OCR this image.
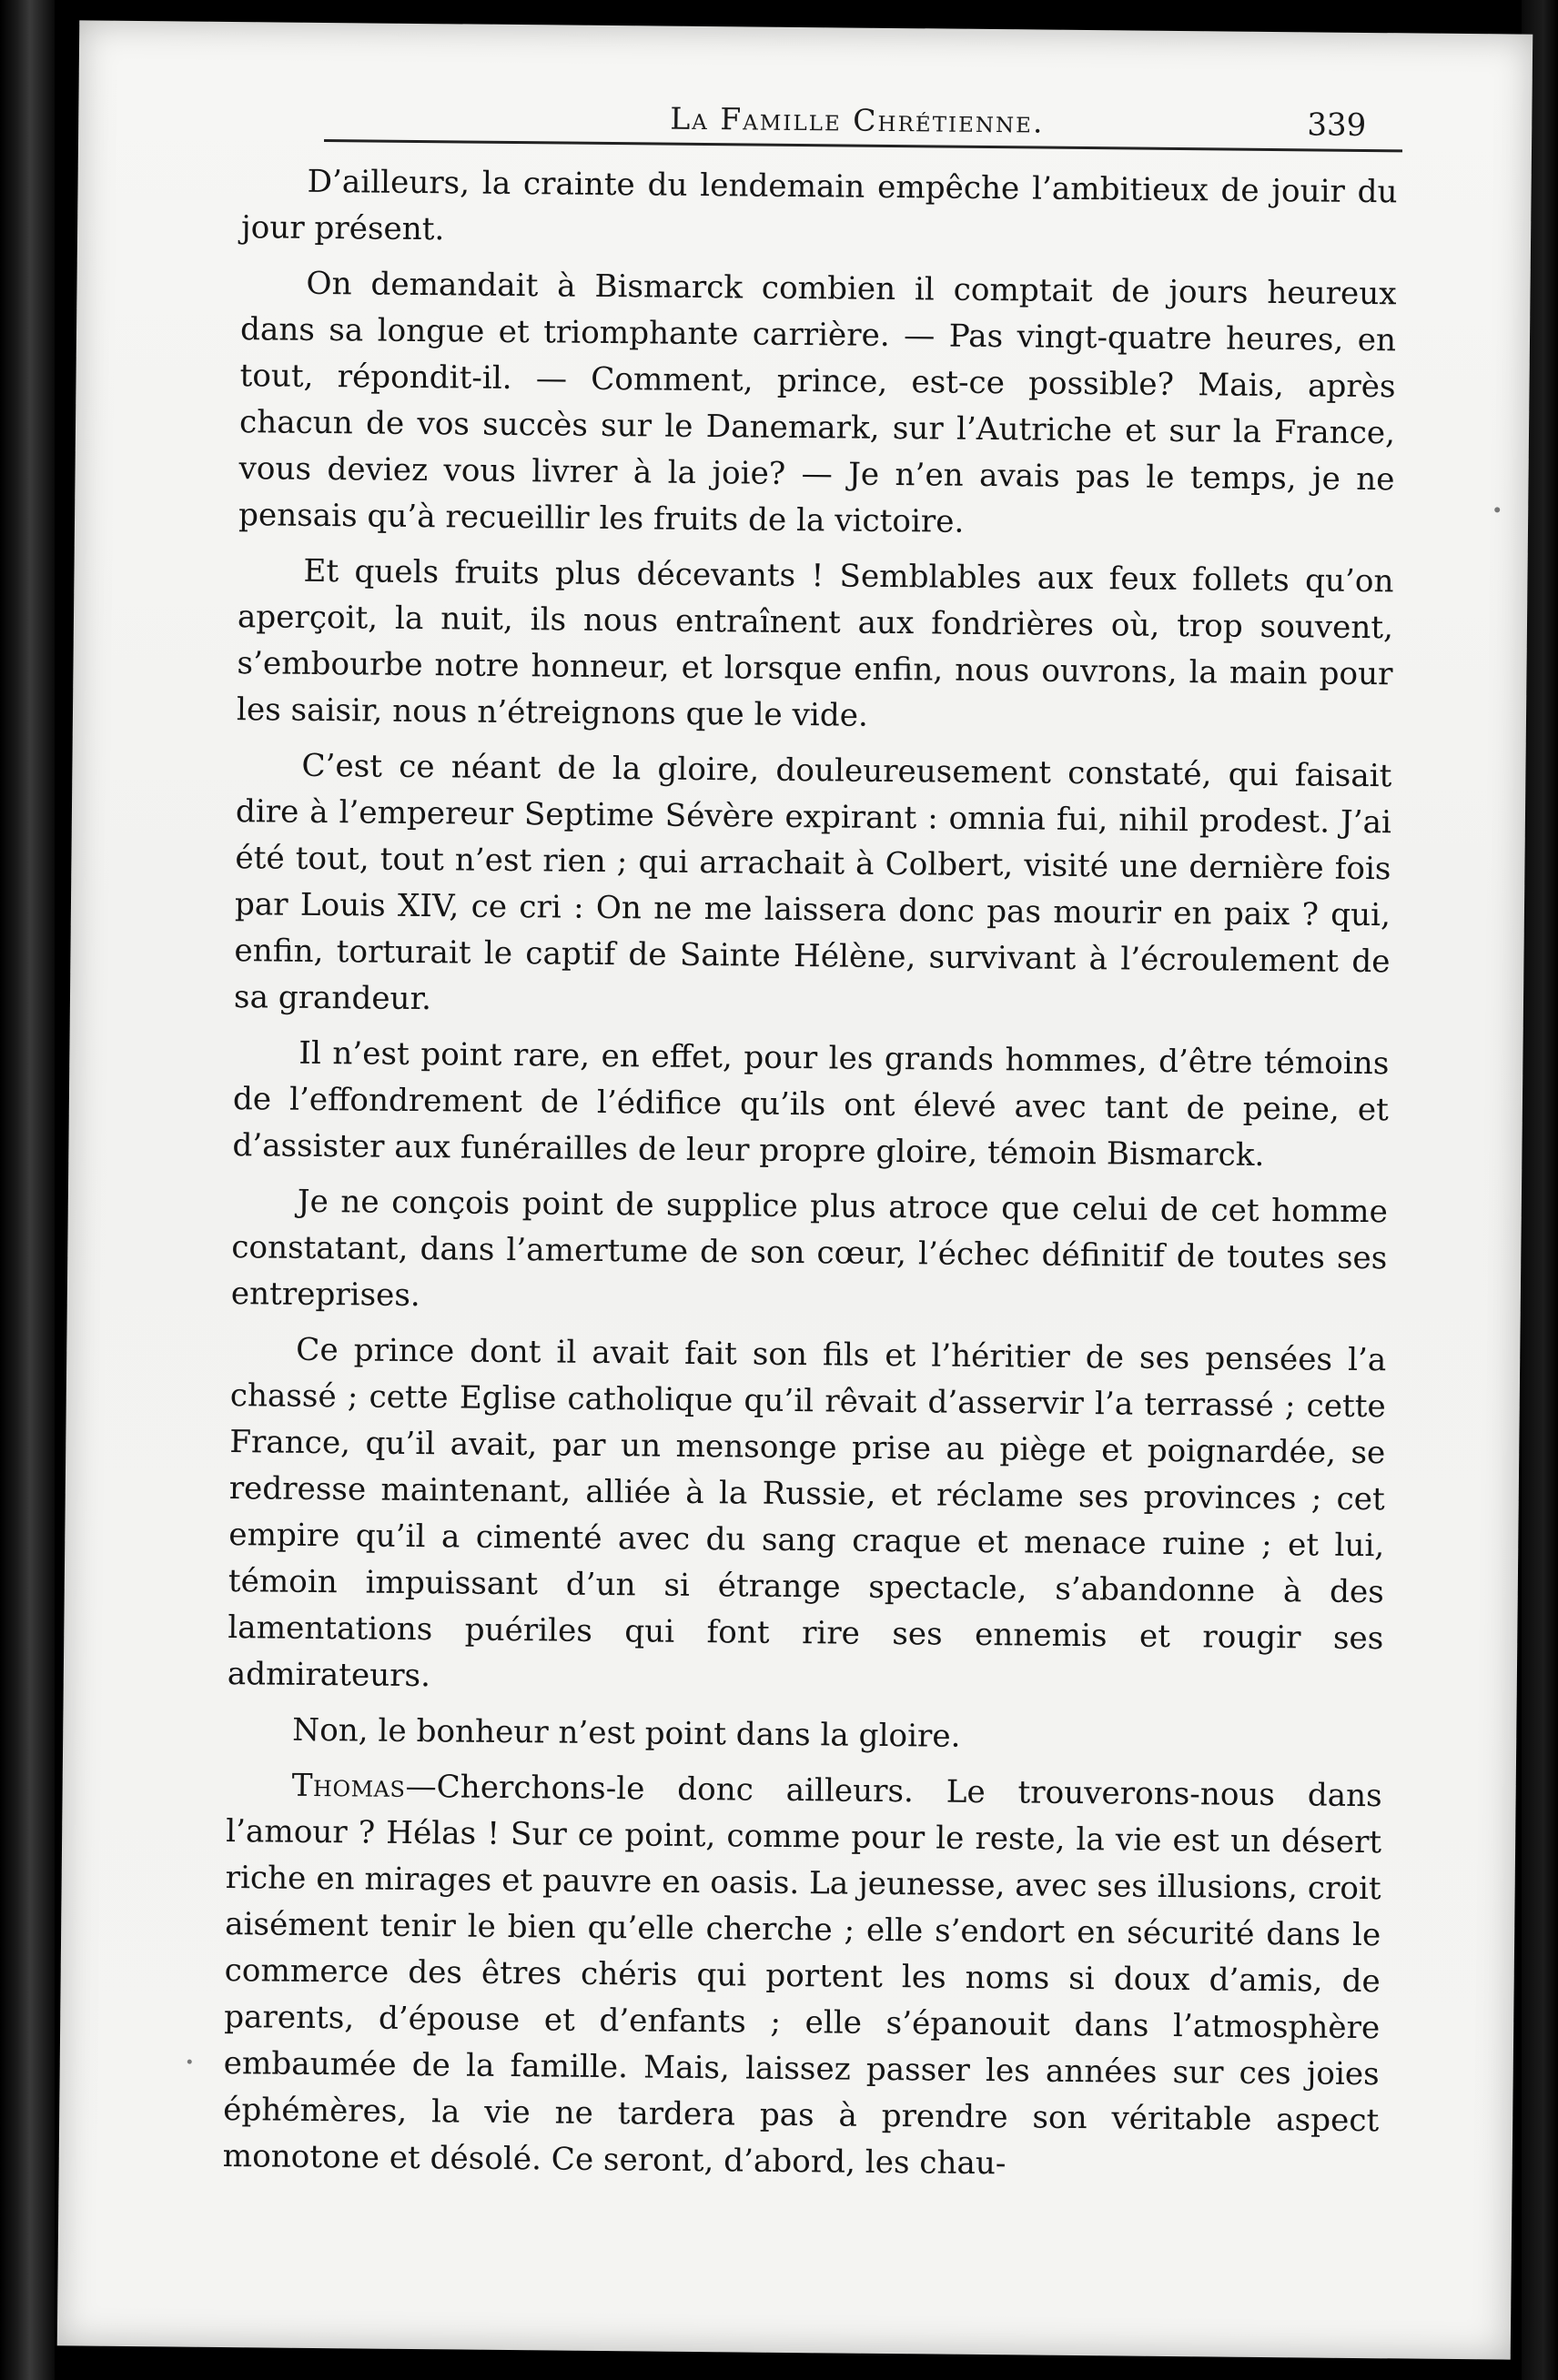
La Famille Chrétienne.	339

D’ailleurs, la crainte du lendemain empêche l’ambitieux de jouir du jour présent.

On demandait à Bismarck combien il comptait de jours heureux dans sa longue et triomphante carrière. — Pas vingt-quatre heures, en tout, répondit-il. — Comment, prince, est-ce possible? Mais, après chacun de vos succès sur le Danemark, sur l’Autriche et sur la France, vous deviez vous livrer à la joie? — Je n’en avais pas le temps, je ne pensais qu’à recueillir les fruits de la victoire.

Et quels fruits plus décevants ! Semblables aux feux follets qu’on aperçoit, la nuit, ils nous entraînent aux fondrières où, trop souvent, s’embourbe notre honneur, et lorsque enfin, nous ouvrons, la main pour les saisir, nous n’étreignons que le vide.

C’est ce néant de la gloire, douleureusement constaté, qui faisait dire à l’empereur Septime Sévère expirant : omnia fui, nihil prodest. J’ai été tout, tout n’est rien ; qui arrachait à Colbert, visité une dernière fois par Louis XIV, ce cri : On ne me laissera donc pas mourir en paix ? qui, enfin, torturait le captif de Sainte Hélène, survivant à l’écroulement de sa grandeur.

Il n’est point rare, en effet, pour les grands hommes, d’être témoins de l’effondrement de l’édifice qu’ils ont élevé avec tant de peine, et d’assister aux funérailles de leur propre gloire, témoin Bismarck.

Je ne conçois point de supplice plus atroce que celui de cet homme constatant, dans l’amertume de son cœur, l’échec définitif de toutes ses entreprises.

Ce prince dont il avait fait son fils et l’héritier de ses pensées l’a chassé ; cette Eglise catholique qu’il rêvait d’asservir l’a terrassé ; cette France, qu’il avait, par un mensonge prise au piège et poignardée, se redresse maintenant, alliée à la Russie, et réclame ses provinces ; cet empire qu’il a cimenté avec du sang craque et menace ruine ; et lui, témoin impuissant d’un si étrange spectacle, s’abandonne à des lamentations puériles qui font rire ses ennemis et rougir ses admirateurs.

Non, le bonheur n’est point dans la gloire.

Thomas—Cherchons-le donc ailleurs. Le trouverons-nous dans l’amour ? Hélas ! Sur ce point, comme pour le reste, la vie est un désert riche en mirages et pauvre en oasis. La jeunesse, avec ses illusions, croit aisément tenir le bien qu’elle cherche ; elle s’endort en sécurité dans le commerce des êtres chéris qui portent les noms si doux d’amis, de parents, d’épouse et d’enfants ; elle s’épanouit dans l’atmosphère embaumée de la famille. Mais, laissez passer les années sur ces joies éphémères, la vie ne tardera pas à prendre son véritable aspect monotone et désolé. Ce seront, d’abord, les chau-
